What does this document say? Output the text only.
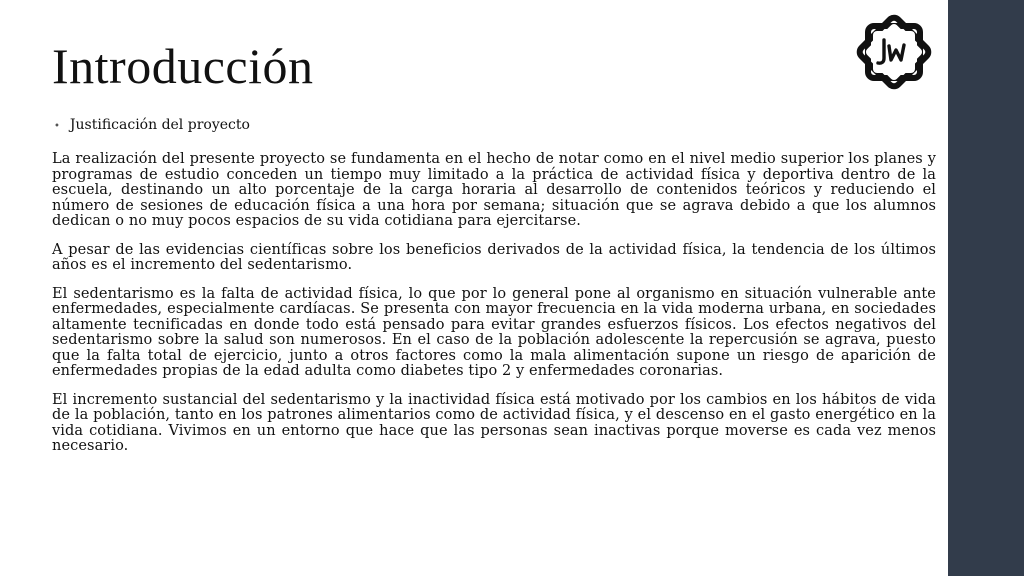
Introducción
• Justificación del proyecto

La realización del presente proyecto se fundamenta en el hecho de notar como en el nivel medio superior los planes y programas de estudio conceden un tiempo muy limitado a la práctica de actividad física y deportiva dentro de la escuela, destinando un alto porcentaje de la carga horaria al desarrollo de contenidos teóricos y reduciendo el número de sesiones de educación física a una hora por semana; situación que se agrava debido a que los alumnos dedican o no muy pocos espacios de su vida cotidiana para ejercitarse.

A pesar de las evidencias científicas sobre los beneficios derivados de la actividad física, la tendencia de los últimos años es el incremento del sedentarismo.

El sedentarismo es la falta de actividad física, lo que por lo general pone al organismo en situación vulnerable ante enfermedades, especialmente cardíacas. Se presenta con mayor frecuencia en la vida moderna urbana, en sociedades altamente tecnificadas en donde todo está pensado para evitar grandes esfuerzos físicos. Los efectos negativos del sedentarismo sobre la salud son numerosos. En el caso de la población adolescente la repercusión se agrava, puesto que la falta total de ejercicio, junto a otros factores como la mala alimentación supone un riesgo de aparición de enfermedades propias de la edad adulta como diabetes tipo 2 y enfermedades coronarias.

El incremento sustancial del sedentarismo y la inactividad física está motivado por los cambios en los hábitos de vida de la población, tanto en los patrones alimentarios como de actividad física, y el descenso en el gasto energético en la vida cotidiana. Vivimos en un entorno que hace que las personas sean inactivas porque moverse es cada vez menos necesario.
